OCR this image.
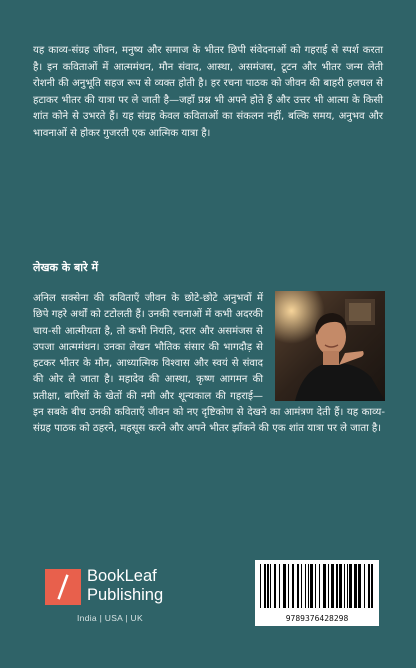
यह काव्य-संग्रह जीवन, मनुष्य और समाज के भीतर छिपी संवेदनाओं को गहराई से स्पर्श करता है। इन कविताओं में आत्ममंथन, मौन संवाद, आस्था, असमंजस, टूटन और भीतर जन्म लेती रोशनी की अनुभूति सहज रूप से व्यक्त होती है। हर रचना पाठक को जीवन की बाहरी हलचल से हटाकर भीतर की यात्रा पर ले जाती है—जहाँ प्रश्न भी अपने होते हैं और उत्तर भी आत्मा के किसी शांत कोने से उभरते हैं। यह संग्रह केवल कविताओं का संकलन नहीं, बल्कि समय, अनुभव और भावनाओं से होकर गुजरती एक आत्मिक यात्रा है।

लेखक के बारे में
अनिल सक्सेना की कविताएँ जीवन के छोटे-छोटे अनुभवों में छिपे गहरे अर्थों को टटोलती हैं। उनकी रचनाओं में कभी अदरकी चाय-सी आत्मीयता है, तो कभी नियति, दरार और असमंजस से उपजा आत्ममंथन। उनका लेखन भौतिक संसार की भागदौड़ से हटकर भीतर के मौन, आध्यात्मिक विश्वास और स्वयं से संवाद की ओर ले जाता है। महादेव की आस्था, कृष्ण आगमन की प्रतीक्षा, बारिशों के खेतों की नमी और शून्यकाल की गहराई—इन सबके बीच उनकी कविताएँ जीवन को नए दृष्टिकोण से देखने का आमंत्रण देती हैं। यह काव्य-संग्रह पाठक को ठहरने, महसूस करने और अपने भीतर झाँकने की एक शांत यात्रा पर ले जाता है।
BookLeaf
Publishing
India | USA | UK	9789376428298
